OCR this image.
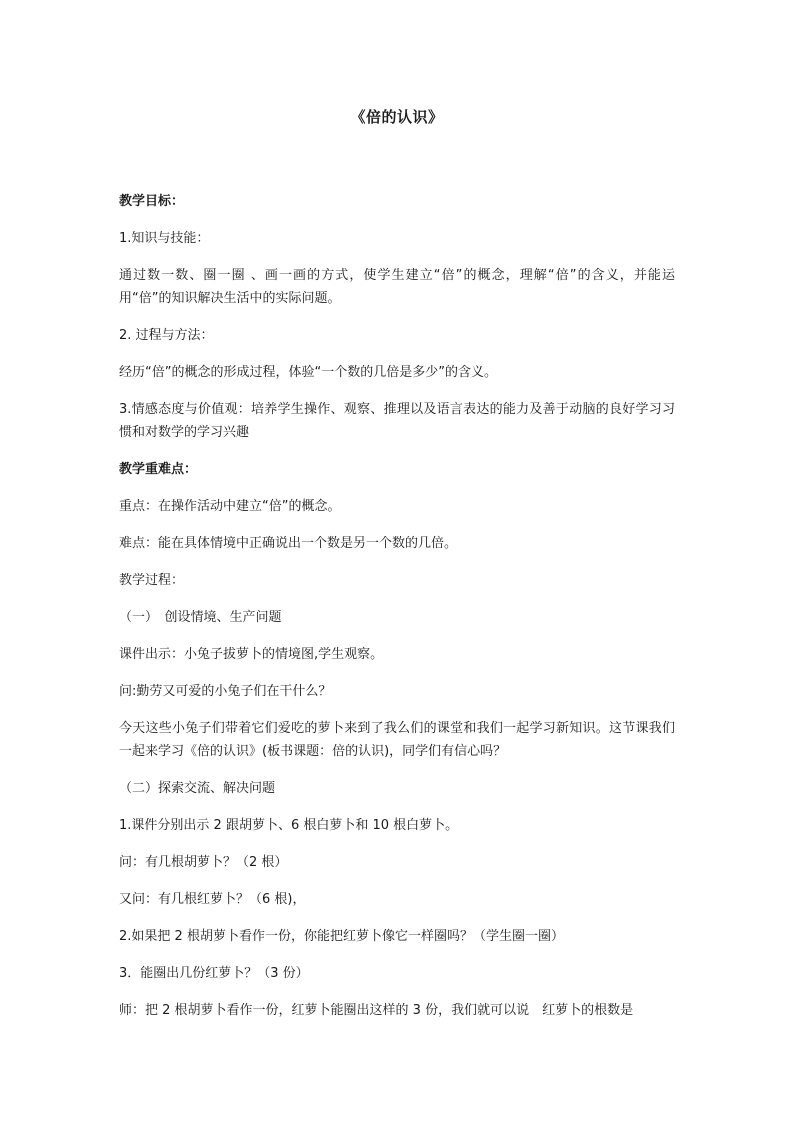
《倍的认识》

教学目标：

1.知识与技能：

通过数一数、圈一圈 、画一画的方式，使学生建立“倍”的概念，理解“倍”的含义，并能运用“倍”的知识解决生活中的实际问题。

2. 过程与方法：

经历“倍”的概念的形成过程，体验“一个数的几倍是多少”的含义。

3.情感态度与价值观：培养学生操作、观察、推理以及语言表达的能力及善于动脑的良好学习习惯和对数学的学习兴趣

教学重难点：

重点：在操作活动中建立“倍”的概念。

难点：能在具体情境中正确说出一个数是另一个数的几倍。

教学过程：

（一）　创设情境、生产问题

课件出示：小兔子拔萝卜的情境图,学生观察。

问:勤劳又可爱的小兔子们在干什么？

今天这些小兔子们带着它们爱吃的萝卜来到了我么们的课堂和我们一起学习新知识。这节课我们一起来学习《倍的认识》(板书课题：倍的认识)，同学们有信心吗？

（二）探索交流、解决问题

1.课件分别出示 2 跟胡萝卜、6 根白萝卜和 10 根白萝卜。

问：有几根胡萝卜？（2 根）

又问：有几根红萝卜？（6 根)，

2.如果把 2 根胡萝卜看作一份，你能把红萝卜像它一样圈吗？（学生圈一圈）

3．能圈出几份红萝卜？（3 份）

师：把 2 根胡萝卜看作一份，红萝卜能圈出这样的 3 份，我们就可以说　红萝卜的根数是
